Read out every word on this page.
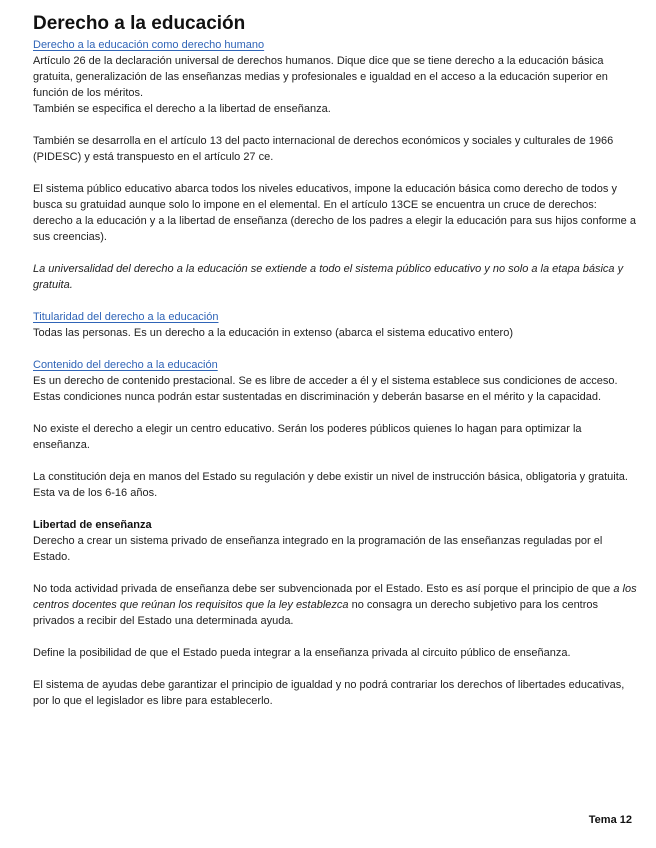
Derecho a la educación
Derecho a la educación como derecho humano

Artículo 26 de la declaración universal de derechos humanos. Dique dice que se tiene derecho a la educación básica gratuita, generalización de las enseñanzas medias y profesionales e igualdad en el acceso a la educación superior en función de los méritos.

También se especifica el derecho a la libertad de enseñanza.

También se desarrolla en el artículo 13 del pacto internacional de derechos económicos y sociales y culturales de 1966 (PIDESC) y está transpuesto en el artículo 27 ce.

El sistema público educativo abarca todos los niveles educativos, impone la educación básica como derecho de todos y busca su gratuidad aunque solo lo impone en el elemental. En el artículo 13CE se encuentra un cruce de derechos: derecho a la educación y a la libertad de enseñanza (derecho de los padres a elegir la educación para sus hijos conforme a sus creencias).

La universalidad del derecho a la educación se extiende a todo el sistema público educativo y no solo a la etapa básica y gratuita.

Titularidad del derecho a la educación

Todas las personas. Es un derecho a la educación in extenso (abarca el sistema educativo entero)

Contenido del derecho a la educación

Es un derecho de contenido prestacional. Se es libre de acceder a él y el sistema establece sus condiciones de acceso. Estas condiciones nunca podrán estar sustentadas en discriminación y deberán basarse en el mérito y la capacidad.

No existe el derecho a elegir un centro educativo. Serán los poderes públicos quienes lo hagan para optimizar la enseñanza.

La constitución deja en manos del Estado su regulación y debe existir un nivel de instrucción básica, obligatoria y gratuita. Esta va de los 6-16 años.

Libertad de enseñanza

Derecho a crear un sistema privado de enseñanza integrado en la programación de las enseñanzas reguladas por el Estado.

No toda actividad privada de enseñanza debe ser subvencionada por el Estado. Esto es así porque el principio de que a los centros docentes que reúnan los requisitos que la ley establezca no consagra un derecho subjetivo para los centros privados a recibir del Estado una determinada ayuda.

Define la posibilidad de que el Estado pueda integrar a la enseñanza privada al circuito público de enseñanza.

El sistema de ayudas debe garantizar el principio de igualdad y no podrá contrariar los derechos of libertades educativas, por lo que el legislador es libre para establecerlo.

Tema 12
